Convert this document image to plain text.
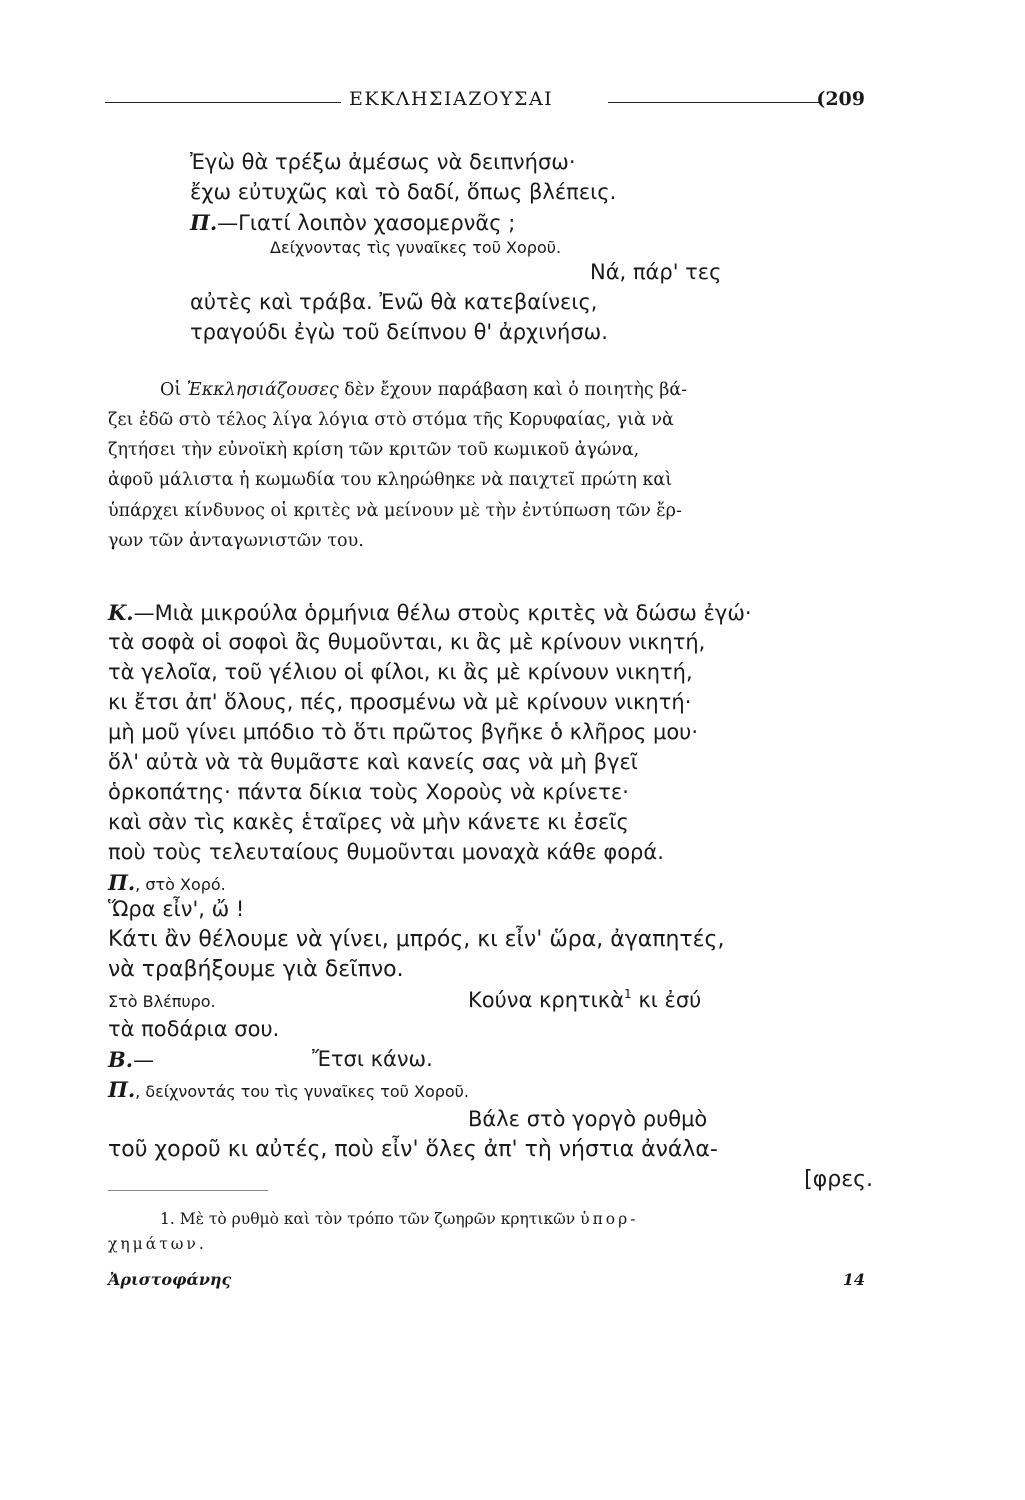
ΕΚΚΛΗΣΙΑΖΟΥΣΑΙ	(209
Ἐγὼ θὰ τρέξω ἀμέσως νὰ δειπνήσω·
ἔχω εὐτυχῶς καὶ τὸ δαδί, ὅπως βλέπεις.
Π.—Γιατί λοιπὸν χασομερνᾶς ;
Δείχνοντας τὶς γυναῖκες τοῦ Χοροῦ.
Νά, πάρ' τες
αὐτὲς καὶ τράβα. Ἐνῶ θὰ κατεβαίνεις,
τραγούδι ἐγὼ τοῦ δείπνου θ' ἀρχινήσω.
Οἱ Ἐκκλησιάζουσες δὲν ἔχουν παράβαση καὶ ὁ ποιητὴς βά-
ζει ἐδῶ στὸ τέλος λίγα λόγια στὸ στόμα τῆς Κορυφαίας, γιὰ νὰ
ζητήσει τὴν εὐνοϊκὴ κρίση τῶν κριτῶν τοῦ κωμικοῦ ἀγώνα,
ἀφοῦ μάλιστα ἡ κωμωδία του κληρώθηκε νὰ παιχτεῖ πρώτη καὶ
ὑπάρχει κίνδυνος οἱ κριτὲς νὰ μείνουν μὲ τὴν ἐντύπωση τῶν ἔρ-
γων τῶν ἀνταγωνιστῶν του.
Κ.—Μιὰ μικρούλα ὁρμήνια θέλω στοὺς κριτὲς νὰ δώσω ἐγώ·
τὰ σοφὰ οἱ σοφοὶ ἂς θυμοῦνται, κι ἂς μὲ κρίνουν νικητή,
τὰ γελοῖα, τοῦ γέλιου οἱ φίλοι, κι ἂς μὲ κρίνουν νικητή,
κι ἔτσι ἀπ' ὅλους, πές, προσμένω νὰ μὲ κρίνουν νικητή·
μὴ μοῦ γίνει μπόδιο τὸ ὅτι πρῶτος βγῆκε ὁ κλῆρος μου·
ὅλ' αὐτὰ νὰ τὰ θυμᾶστε καὶ κανείς σας νὰ μὴ βγεῖ
ὁρκοπάτης· πάντα δίκια τοὺς Χοροὺς νὰ κρίνετε·
καὶ σὰν τὶς κακὲς ἑταῖρες νὰ μὴν κάνετε κι ἐσεῖς
ποὺ τοὺς τελευταίους θυμοῦνται μοναχὰ κάθε φορά.
Π., στὸ Χορό.
Ὥρα εἶν', ὤ !
Κάτι ἂν θέλουμε νὰ γίνει, μπρός, κι εἶν' ὥρα, ἀγαπητές,
νὰ τραβήξουμε γιὰ δεῖπνο.
Στὸ Βλέπυρο.	Κούνα κρητικὰ$^1$ κι ἐσύ
τὰ ποδάρια σου.
Β.—	Ἔτσι κάνω.
Π., δείχνοντάς του τὶς γυναῖκες τοῦ Χοροῦ.
Βάλε στὸ γοργὸ ρυθμὸ
τοῦ χοροῦ κι αὐτές, ποὺ εἶν' ὅλες ἀπ' τὴ νήστια ἀνάλα-
[φρες.
1. Μὲ τὸ ρυθμὸ καὶ τὸν τρόπο τῶν ζωηρῶν κρητικῶν ὑπορ-
χημάτων.
Ἀριστοφάνης	14
